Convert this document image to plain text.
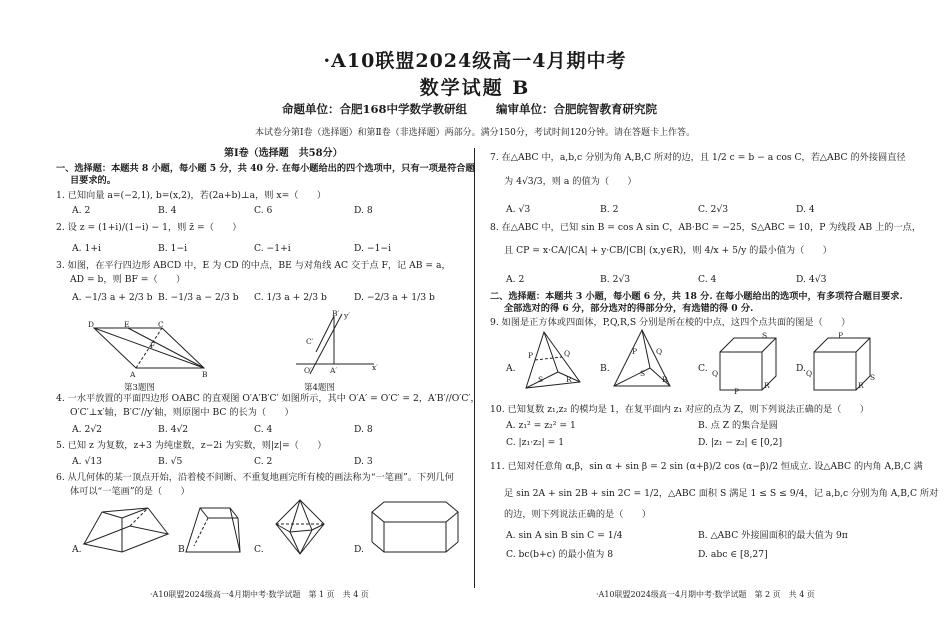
·A10联盟2024级高一4月期中考
数学试题 B
命题单位：合肥168中学数学教研组	编审单位：合肥皖智教育研究院
本试卷分第Ⅰ卷（选择题）和第Ⅱ卷（非选择题）两部分。满分150分，考试时间120分钟。请在答题卡上作答。
第Ⅰ卷（选择题　共58分）
一、选择题：本题共 8 小题，每小题 5 分，共 40 分. 在每小题给出的四个选项中，只有一项是符合题
目要求的。
1. 已知向量 a=(−2,1), b=(x,2)，若(2a+b)⊥a，则 x=（　　）
A. 2	B. 4	C. 6	D. 8
2. 设 z = (1+i)/(1−i) − 1，则 z̄ =（　　）
A. 1+i	B. 1−i	C. −1+i	D. −1−i
3. 如图，在平行四边形 ABCD 中，E 为 CD 的中点，BE 与对角线 AC 交于点 F，记 AB = a，
AD = b，则 BF =（　　）
A. −1/3 a + 2/3 b B. −1/3 a − 2/3 b C. 1/3 a + 2/3 b	D. −2/3 a + 1/3 b
D	E	C
A	B
F
第3题图
B′ y′
C′
O′ A′	x′
第4题图
4. 一水平放置的平面四边形 OABC 的直观图 O′A′B′C′ 如图所示，其中 O′A′ = O′C′ = 2，A′B′//O′C′，
O′C′⊥x′轴，B′C′//y′轴，则原图中 BC 的长为（　　）
A. 2√2	B. 4√2	C. 4	D. 8
5. 已知 z 为复数，z+3 为纯虚数，z−2i 为实数，则|z|=（　　）
A. √13	B. √5	C. 2	D. 3
6. 从几何体的某一顶点开始，沿着棱不间断、不重复地画完所有棱的画法称为“一笔画”。下列几何
体可以“一笔画”的是（　　）
A.	B.	C.	D.
7. 在△ABC 中，a,b,c 分别为角 A,B,C 所对的边，且 1/2 c = b − a cos C，若△ABC 的外接圆直径
为 4√3/3，则 a 的值为（　　）
A. √3	B. 2	C. 2√3	D. 4
8. 在△ABC 中，已知 sin B = cos A sin C，AB·BC = −25，S△ABC = 10，P 为线段 AB 上的一点，
且 CP = x·CA/|CA| + y·CB/|CB| (x,y∈R)，则 4/x + 5/y 的最小值为（　　）
A. 2	B. 2√3	C. 4	D. 4√3
二、选择题：本题共 3 小题，每小题 6 分，共 18 分. 在每小题给出的选项中，有多项符合题目要求.
全部选对的得 6 分，部分选对的得部分分，有选错的得 0 分.
9. 如图是正方体或四面体，P,Q,R,S 分别是所在棱的中点，这四个点共面的图是（　　）
A.	B.	C.	D.
10. 已知复数 z₁,z₂ 的模均是 1，在复平面内 z₁ 对应的点为 Z，则下列说法正确的是（　　）
A. z₁² = z₂² = 1	B. 点 Z 的集合是圆
C. |z₁·z₂| = 1	D. |z₁ − z₂| ∈ [0,2]
11. 已知对任意角 α,β，sin α + sin β = 2 sin (α+β)/2 cos (α−β)/2 恒成立. 设△ABC 的内角 A,B,C 满
足 sin 2A + sin 2B + sin 2C = 1/2，△ABC 面积 S 满足 1 ≤ S ≤ 9/4，记 a,b,c 分别为角 A,B,C 所对
的边，则下列说法正确的是（　　）
A. sin A sin B sin C = 1/4	B. △ABC 外接圆面积的最大值为 9π
C. bc(b+c) 的最小值为 8	D. abc ∈ [8,27]
P	Q
S	R
P	Q
R
S
S
Q
P
R
P
Q
R
S
·A10联盟2024级高一4月期中考·数学试题　第 1 页　共 4 页	·A10联盟2024级高一4月期中考·数学试题　第 2 页　共 4 页
